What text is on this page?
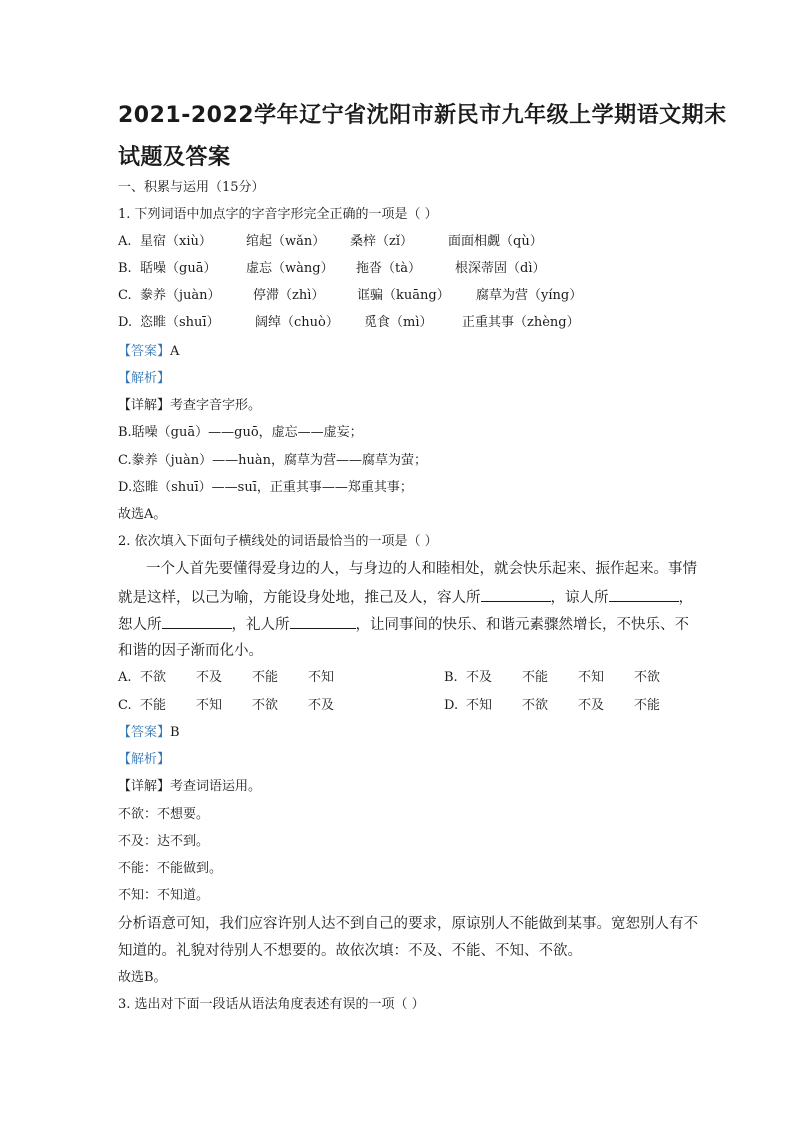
2021-2022学年辽宁省沈阳市新民市九年级上学期语文期末
试题及答案
一、积累与运用（15分）
1. 下列词语中加点字的字音字形完全正确的一项是（ ）
A. 星宿（xiù）	绾起（wǎn） 桑梓（zǐ）	面面相觑（qù）
B. 聒噪（guā） 虚忘（wàng） 拖沓（tà）	根深蒂固（dì）
C. 豢养（juàn） 停滞（zhì）	诓骗（kuāng） 腐草为营（yíng）
D. 恣睢（shuī）	阔绰（chuò） 觅食（mì） 正重其事（zhèng）
【答案】A
【解析】
【详解】考查字音字形。
B.聒噪（guā）——guō，虚忘——虚妄；
C.豢养（juàn）——huàn，腐草为营——腐草为萤；
D.恣睢（shuī）——suī，正重其事——郑重其事；
故选A。
2. 依次填入下面句子横线处的词语最恰当的一项是（ ）
一个人首先要懂得爱身边的人，与身边的人和睦相处，就会快乐起来、振作起来。事情
就是这样，以己为喻，方能设身处地，推己及人，容人所	，谅人所	，
恕人所	，礼人所	，让同事间的快乐、和谐元素骤然增长，不快乐、不
和谐的因子渐而化小。
A. 不欲 不及 不能 不知	B. 不及 不能 不知 不欲
C. 不能 不知 不欲 不及	D. 不知 不欲 不及 不能
【答案】B
【解析】
【详解】考查词语运用。
不欲：不想要。
不及：达不到。
不能：不能做到。
不知：不知道。
分析语意可知，我们应容许别人达不到自己的要求，原谅别人不能做到某事。宽恕别人有不
知道的。礼貌对待别人不想要的。故依次填：不及、不能、不知、不欲。
故选B。
3. 选出对下面一段话从语法角度表述有误的一项（ ）
